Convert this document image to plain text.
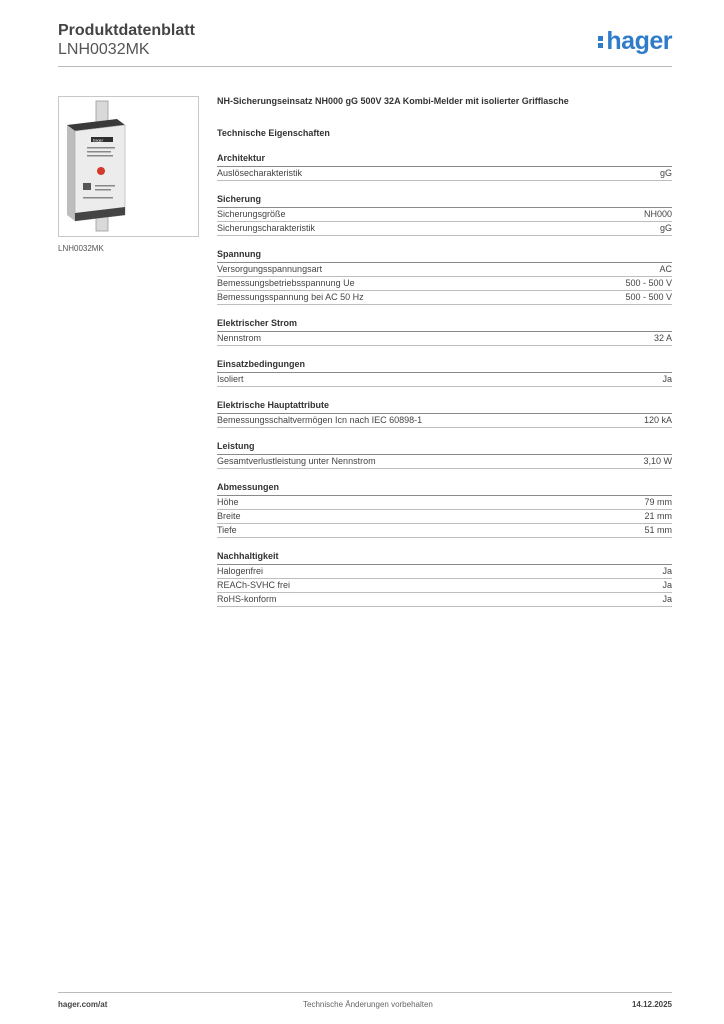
Produktdatenblatt
LNH0032MK	hager
hager
LNH0032MK
NH-Sicherungseinsatz NH000 gG 500V 32A Kombi-Melder mit isolierter Grifflasche
Technische Eigenschaften
Architektur
Auslösecharakteristik	gG
Sicherung
Sicherungsgröße	NH000
Sicherungscharakteristik	gG
Spannung
Versorgungsspannungsart	AC
Bemessungsbetriebsspannung Ue	500 - 500 V
Bemessungsspannung bei AC 50 Hz	500 - 500 V
Elektrischer Strom
Nennstrom	32 A
Einsatzbedingungen
Isoliert	Ja
Elektrische Hauptattribute
Bemessungsschaltvermögen Icn nach IEC 60898-1	120 kA
Leistung
Gesamtverlustleistung unter Nennstrom	3,10 W
Abmessungen
Höhe	79 mm
Breite	21 mm
Tiefe	51 mm
Nachhaltigkeit
Halogenfrei	Ja
REACh-SVHC frei	Ja
RoHS-konform	Ja
hager.com/at	Technische Änderungen vorbehalten	14.12.2025
